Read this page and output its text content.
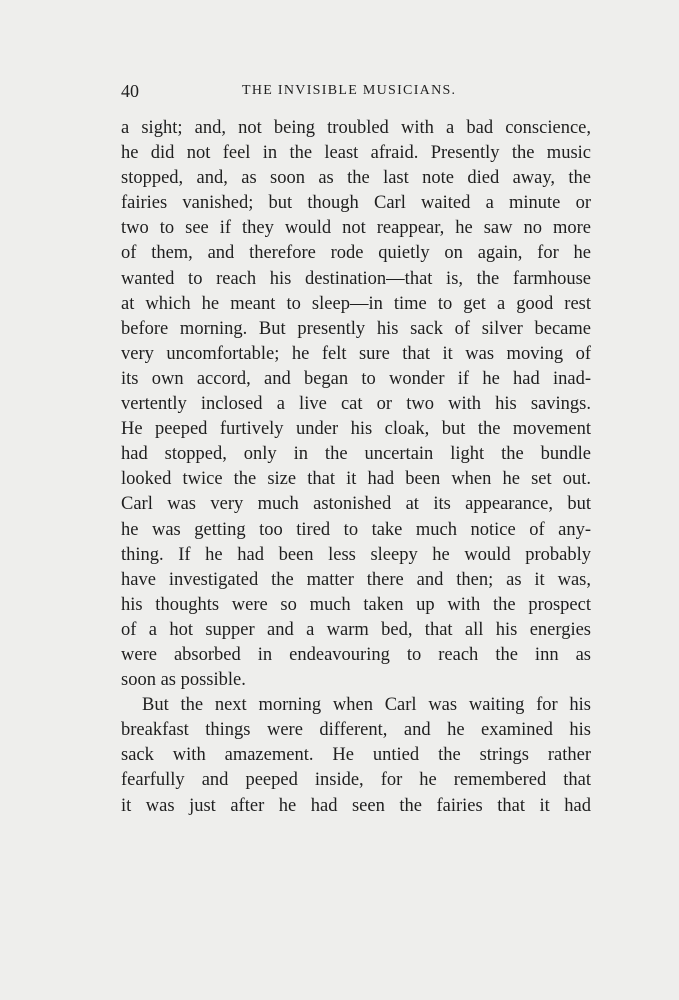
40	THE INVISIBLE MUSICIANS.
a sight; and, not being troubled with a bad conscience,
he did not feel in the least afraid. Presently the music
stopped, and, as soon as the last note died away, the
fairies vanished; but though Carl waited a minute or
two to see if they would not reappear, he saw no more
of them, and therefore rode quietly on again, for he
wanted to reach his destination—that is, the farmhouse
at which he meant to sleep—in time to get a good rest
before morning. But presently his sack of silver became
very uncomfortable; he felt sure that it was moving of
its own accord, and began to wonder if he had inad-
vertently inclosed a live cat or two with his savings.
He peeped furtively under his cloak, but the movement
had stopped, only in the uncertain light the bundle
looked twice the size that it had been when he set out.
Carl was very much astonished at its appearance, but
he was getting too tired to take much notice of any-
thing. If he had been less sleepy he would probably
have investigated the matter there and then; as it was,
his thoughts were so much taken up with the prospect
of a hot supper and a warm bed, that all his energies
were absorbed in endeavouring to reach the inn as
soon as possible.
But the next morning when Carl was waiting for his
breakfast things were different, and he examined his
sack with amazement. He untied the strings rather
fearfully and peeped inside, for he remembered that
it was just after he had seen the fairies that it had
